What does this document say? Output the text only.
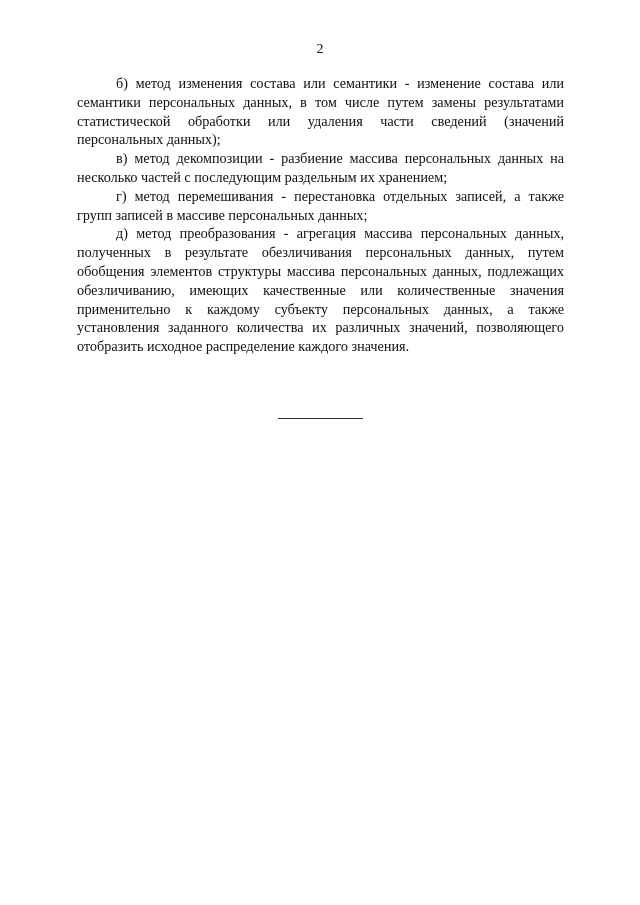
2

б) метод изменения состава или семантики - изменение состава или семантики персональных данных, в том числе путем замены результатами статистической обработки или удаления части сведений (значений персональных данных);

в) метод декомпозиции - разбиение массива персональных данных на несколько частей с последующим раздельным их хранением;

г) метод перемешивания - перестановка отдельных записей, а также групп записей в массиве персональных данных;

д) метод преобразования - агрегация массива персональных данных, полученных в результате обезличивания персональных данных, путем обобщения элементов структуры массива персональных данных, подлежащих обезличиванию, имеющих качественные или количественные значения применительно к каждому субъекту персональных данных, а также установления заданного количества их различных значений, позволяющего отобразить исходное распределение каждого значения.
